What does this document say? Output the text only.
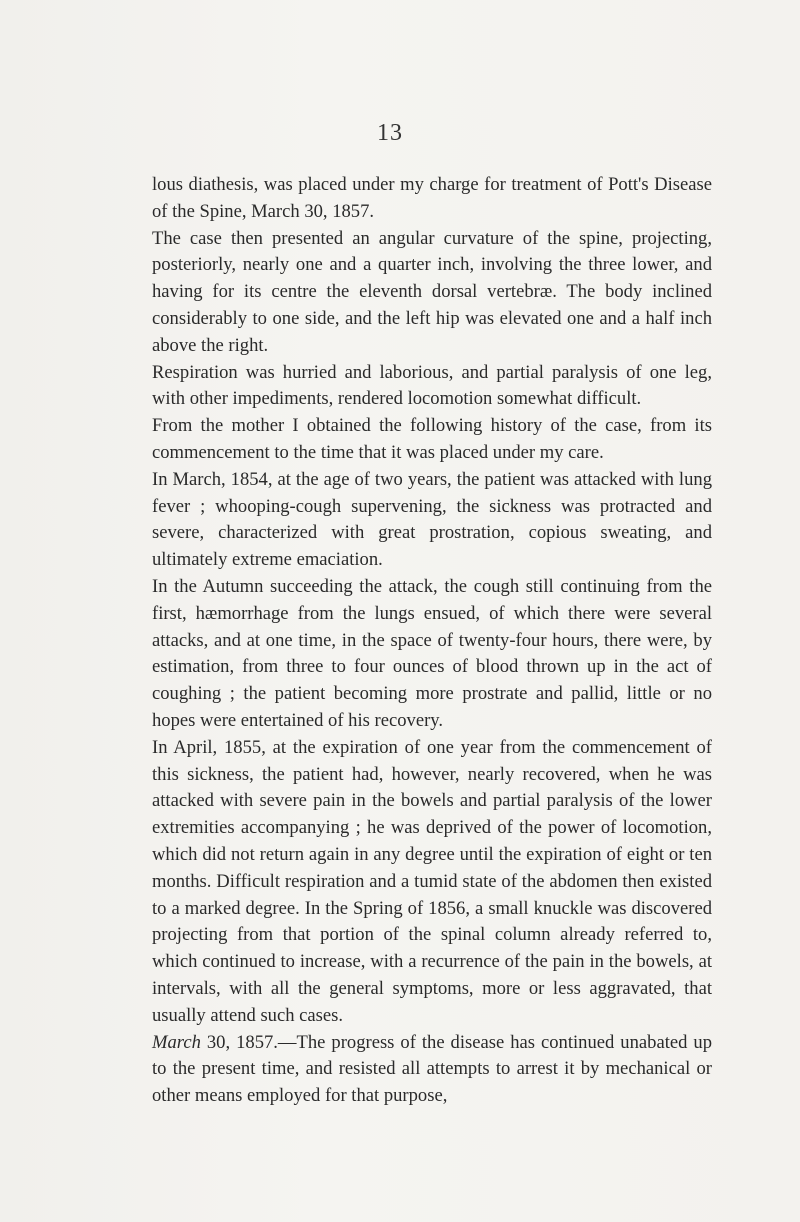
13

lous diathesis, was placed under my charge for treatment of Pott's Disease of the Spine, March 30, 1857.

The case then presented an angular curvature of the spine, projecting, posteriorly, nearly one and a quarter inch, involving the three lower, and having for its centre the eleventh dorsal vertebræ. The body inclined considerably to one side, and the left hip was elevated one and a half inch above the right.

Respiration was hurried and laborious, and partial paralysis of one leg, with other impediments, rendered locomotion somewhat difficult.

From the mother I obtained the following history of the case, from its commencement to the time that it was placed under my care.

In March, 1854, at the age of two years, the patient was attacked with lung fever ; whooping-cough supervening, the sickness was protracted and severe, characterized with great prostration, copious sweating, and ultimately extreme emaciation.

In the Autumn succeeding the attack, the cough still continuing from the first, hæmorrhage from the lungs ensued, of which there were several attacks, and at one time, in the space of twenty-four hours, there were, by estimation, from three to four ounces of blood thrown up in the act of coughing ; the patient becoming more prostrate and pallid, little or no hopes were entertained of his recovery.

In April, 1855, at the expiration of one year from the commencement of this sickness, the patient had, however, nearly recovered, when he was attacked with severe pain in the bowels and partial paralysis of the lower extremities accompanying ; he was deprived of the power of locomotion, which did not return again in any degree until the expiration of eight or ten months. Difficult respiration and a tumid state of the abdomen then existed to a marked degree. In the Spring of 1856, a small knuckle was discovered projecting from that portion of the spinal column already referred to, which continued to increase, with a recurrence of the pain in the bowels, at intervals, with all the general symptoms, more or less aggravated, that usually attend such cases.

March 30, 1857.—The progress of the disease has continued unabated up to the present time, and resisted all attempts to arrest it by mechanical or other means employed for that purpose,
